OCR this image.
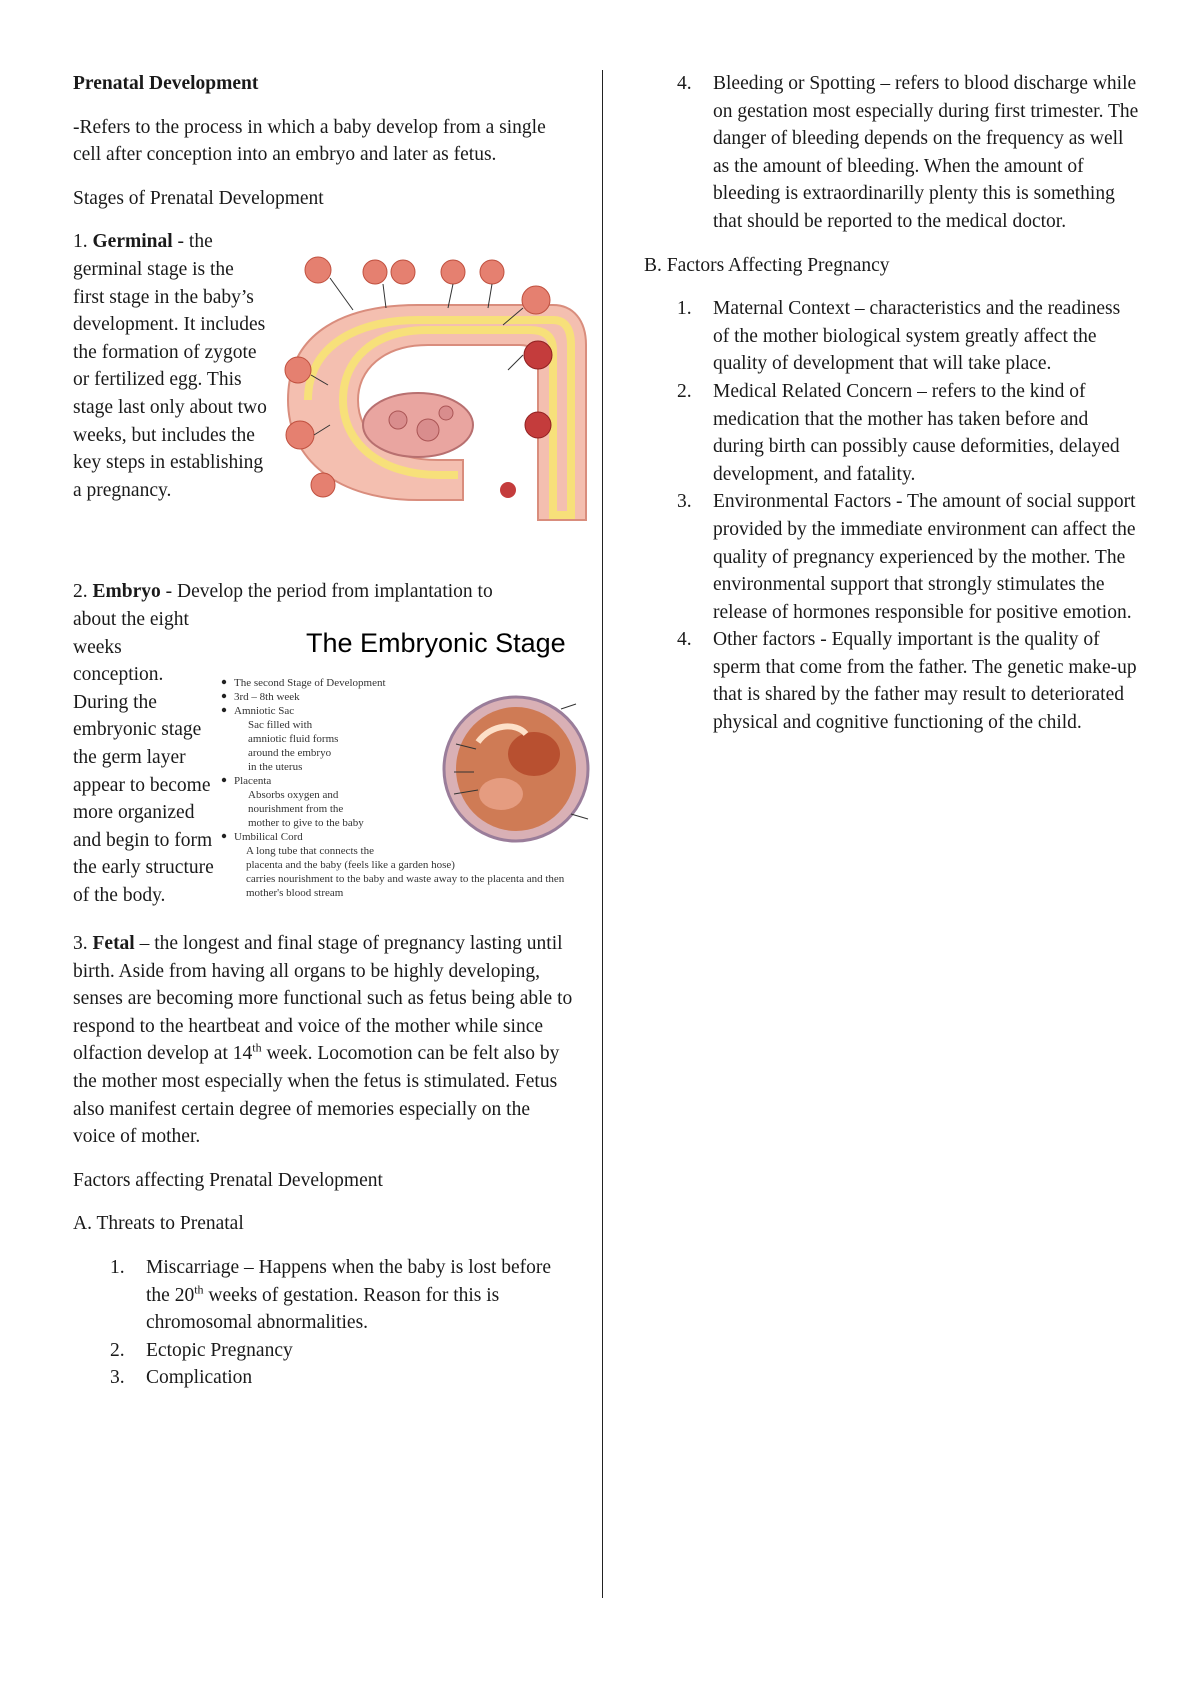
Prenatal Development

-Refers to the process in which a baby develop from a single cell after conception into an embryo and later as fetus.

Stages of Prenatal Development

1. Germinal - the germinal stage is the first stage in the baby’s development. It includes the formation of zygote or fertilized egg. This stage last only about two weeks, but includes the key steps in establishing a pregnancy.

2. Embryo - Develop the period from implantation to

The Embryonic Stage
The second Stage of Development
3rd – 8th week
Amniotic Sac
Sac filled with
amniotic fluid forms
around the embryo
in the uterus
Placenta
Absorbs oxygen and
nourishment from the
mother to give to the baby
Umbilical Cord
A long tube that connects the
placenta and the baby (feels like a garden hose)
carries nourishment to the baby and waste away to the placenta and then
mother's blood stream

about the eight weeks conception. During the embryonic stage the germ layer appear to become more organized and begin to form the early structure of the body.

3. Fetal – the longest and final stage of pregnancy lasting until birth. Aside from having all organs to be highly developing, senses are becoming more functional such as fetus being able to respond to the heartbeat and voice of the mother while since olfaction develop at 14th week. Locomotion can be felt also by the mother most especially when the fetus is stimulated. Fetus also manifest certain degree of memories especially on the voice of mother.

Factors affecting Prenatal Development

A. Threats to Prenatal

1. Miscarriage – Happens when the baby is lost before the 20th weeks of gestation. Reason for this is chromosomal abnormalities.
2. Ectopic Pregnancy
3. Complication
4. Bleeding or Spotting – refers to blood discharge while on gestation most especially during first trimester. The danger of bleeding depends on the frequency as well as the amount of bleeding. When the amount of bleeding is extraordinarilly plenty this is something that should be reported to the medical doctor.

B. Factors Affecting Pregnancy

1. Maternal Context – characteristics and the readiness of the mother biological system greatly affect the quality of development that will take place.
2. Medical Related Concern – refers to the kind of medication that the mother has taken before and during birth can possibly cause deformities, delayed development, and fatality.
3. Environmental Factors - The amount of social support provided by the immediate environment can affect the quality of pregnancy experienced by the mother. The environmental support that strongly stimulates the release of hormones responsible for positive emotion.
4. Other factors - Equally important is the quality of sperm that come from the father. The genetic make-up that is shared by the father may result to deteriorated physical and cognitive functioning of the child.
